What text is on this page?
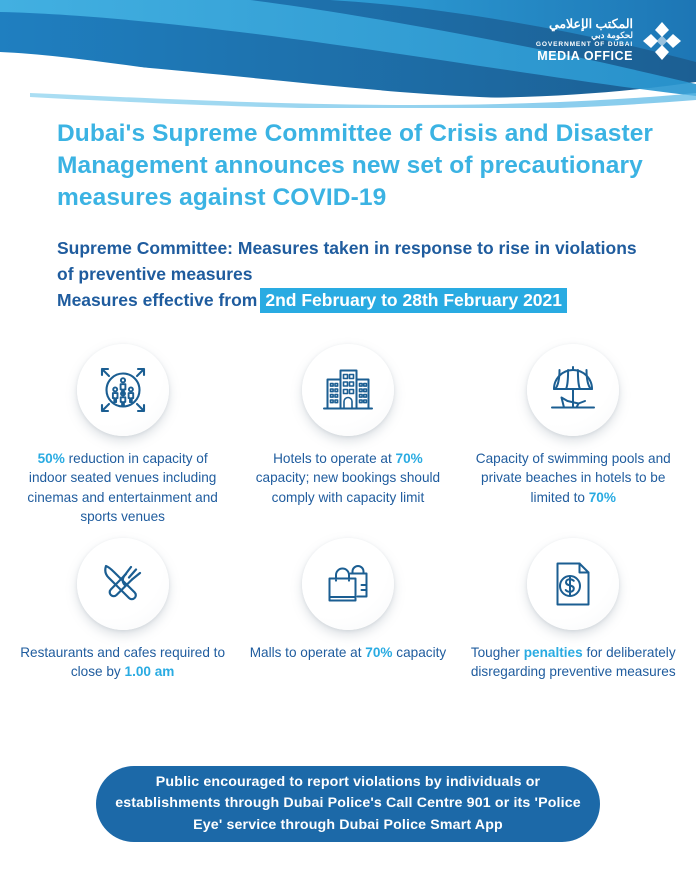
المكتب الإعلامي
لحكومة دبي
GOVERNMENT OF DUBAI
MEDIA OFFICE
Dubai's Supreme Committee of Crisis and Disaster Management announces new set of precautionary measures against COVID-19
Supreme Committee: Measures taken in response to rise in violations of preventive measures
Measures effective from 2nd February to 28th February 2021
50% reduction in capacity of indoor seated venues including cinemas and entertainment and sports venues
Hotels to operate at 70% capacity; new bookings should comply with capacity limit
Capacity of swimming pools and private beaches in hotels to be limited to 70%
Restaurants and cafes required to close by 1.00 am
Malls to operate at 70% capacity	Tougher penalties for deliberately disregarding preventive measures
Public encouraged to report violations by individuals or establishments through Dubai Police's Call Centre 901 or its 'Police Eye' service through Dubai Police Smart App
